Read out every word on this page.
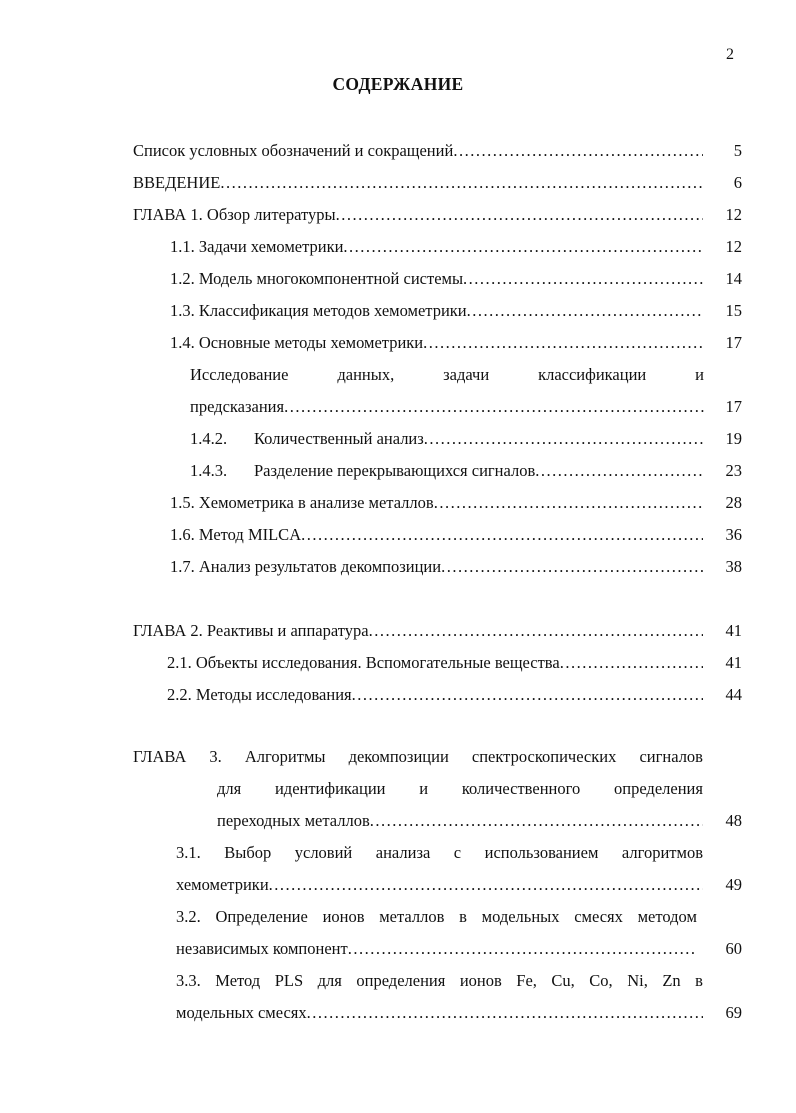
2
СОДЕРЖАНИЕ
Список условных обозначений и сокращений .....	5
ВВЕДЕНИЕ .....	6
ГЛАВА 1. Обзор литературы .....	12
1.1. Задачи хемометрики .....	12
1.2. Модель многокомпонентной системы .....	14
1.3. Классификация методов хемометрики .....	15
1.4. Основные методы хемометрики .....	17
Исследование	данных,	задачи	классификации	и
предсказания .....	17
1.4.2.	Количественный анализ .....	19
1.4.3.	Разделение перекрывающихся сигналов .....	23
1.5. Хемометрика в анализе металлов .....	28
1.6. Метод MILCA .....	36
1.7. Анализ результатов декомпозиции .....	38
ГЛАВА 2. Реактивы и аппаратура .....	41
2.1. Объекты исследования. Вспомогательные вещества .....	41
2.2. Методы исследования .....	44
ГЛАВА 3. Алгоритмы декомпозиции спектроскопических сигналов
для идентификации и количественного определения
переходных металлов .....	48
3.1. Выбор условий анализа с использованием алгоритмов
хемометрики .....	49
3.2. Определение ионов металлов в модельных смесях методом
независимых компонент .....	60
3.3. Метод PLS для определения ионов Fe, Cu, Co, Ni, Zn в
модельных смесях .....	69
